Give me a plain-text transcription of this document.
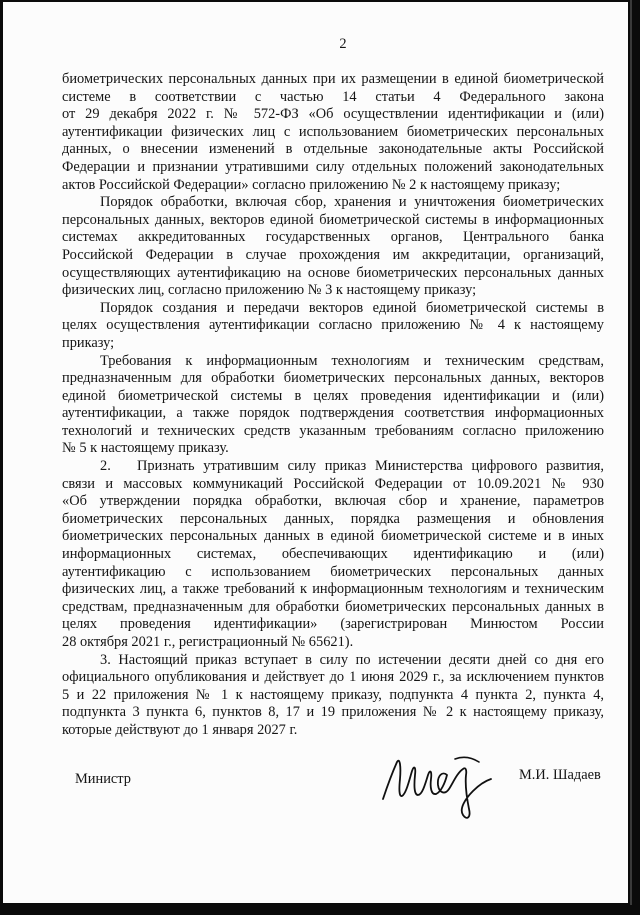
2
биометрических персональных данных при их размещении в единой биометрической
системе в соответствии с частью 14 статьи 4 Федерального закона
от 29 декабря 2022 г. № 572-ФЗ «Об осуществлении идентификации и (или)
аутентификации физических лиц с использованием биометрических персональных
данных, о внесении изменений в отдельные законодательные акты Российской
Федерации и признании утратившими силу отдельных положений законодательных
актов Российской Федерации» согласно приложению № 2 к настоящему приказу;
Порядок обработки, включая сбор, хранения и уничтожения биометрических
персональных данных, векторов единой биометрической системы в информационных
системах аккредитованных государственных органов, Центрального банка
Российской Федерации в случае прохождения им аккредитации, организаций,
осуществляющих аутентификацию на основе биометрических персональных данных
физических лиц, согласно приложению № 3 к настоящему приказу;
Порядок создания и передачи векторов единой биометрической системы в
целях осуществления аутентификации согласно приложению № 4 к настоящему
приказу;
Требования к информационным технологиям и техническим средствам,
предназначенным для обработки биометрических персональных данных, векторов
единой биометрической системы в целях проведения идентификации и (или)
аутентификации, а также порядок подтверждения соответствия информационных
технологий и технических средств указанным требованиям согласно приложению
№ 5 к настоящему приказу.
2.	Признать утратившим силу приказ Министерства цифрового развития,
связи и массовых коммуникаций Российской Федерации от 10.09.2021 № 930
«Об утверждении порядка обработки, включая сбор и хранение, параметров
биометрических персональных данных, порядка размещения и обновления
биометрических персональных данных в единой биометрической системе и в иных
информационных системах, обеспечивающих идентификацию и (или)
аутентификацию с использованием биометрических персональных данных
физических лиц, а также требований к информационным технологиям и техническим
средствам, предназначенным для обработки биометрических персональных данных в
целях проведения идентификации» (зарегистрирован Минюстом России
28 октября 2021 г., регистрационный № 65621).
3. Настоящий приказ вступает в силу по истечении десяти дней со дня его
официального опубликования и действует до 1 июня 2029 г., за исключением пунктов
5 и 22 приложения № 1 к настоящему приказу, подпункта 4 пункта 2, пункта 4,
подпункта 3 пункта 6, пунктов 8, 17 и 19 приложения № 2 к настоящему приказу,
которые действуют до 1 января 2027 г.
Министр	М.И. Шадаев
